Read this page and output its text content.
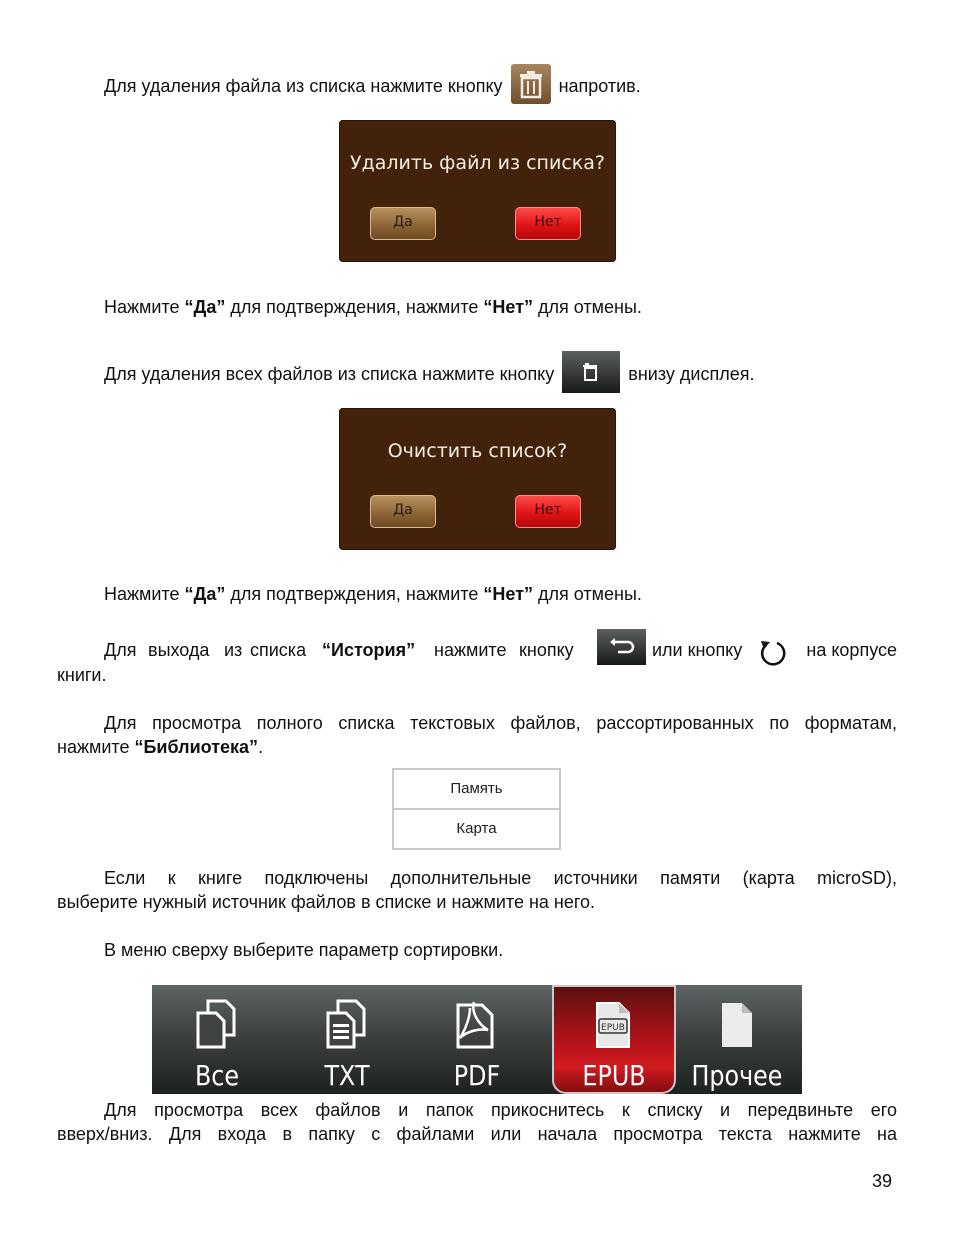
Для удаления файла из списка нажмите кнопку	напротив.
Удалить файл из списка?
Да	Нет
Нажмите “Да” для подтверждения, нажмите “Нет” для отмены.
Для удаления всех файлов из списка нажмите кнопку	внизу дисплея.
Очистить список?
Да	Нет
Нажмите “Да” для подтверждения, нажмите “Нет” для отмены.
Для выхода из списка “История” нажмите кнопку	или кнопку	на корпусе
книги.
Для просмотра полного списка текстовых файлов, рассортированных по форматам,
нажмите “Библиотека”.
Память
Карта
Если к книге подключены дополнительные источники памяти (карта microSD),
выберите нужный источник файлов в списке и нажмите на него.
В меню сверху выберите параметр сортировки.
Все	TXT	PDF
EPUB
EPUB	Прочее
Для просмотра всех файлов и папок прикоснитесь к списку и передвиньте его
вверх/вниз. Для входа в папку с файлами или начала просмотра текста нажмите на
39
